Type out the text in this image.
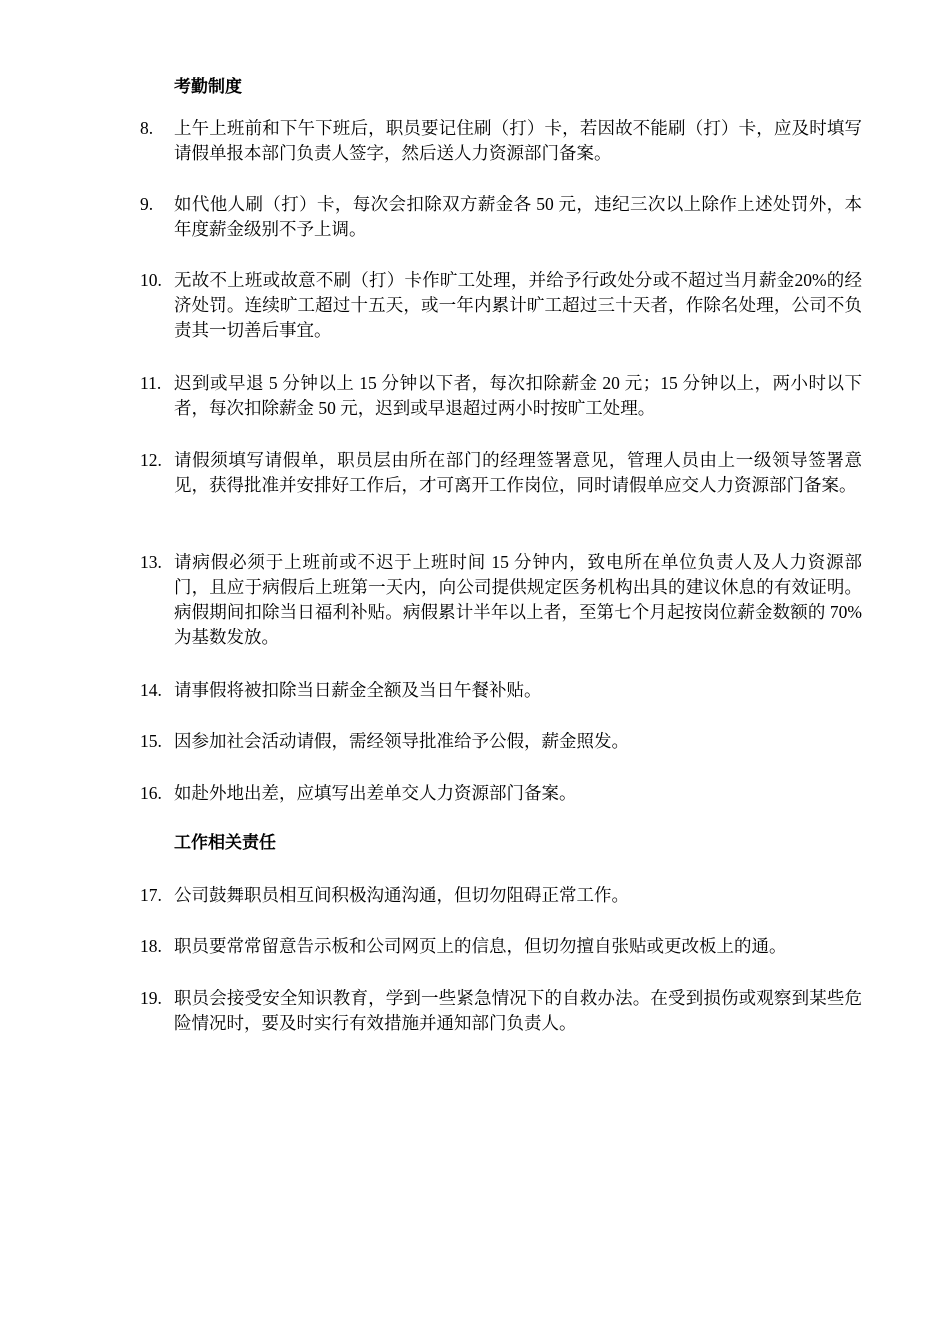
考勤制度
8.	上午上班前和下午下班后，职员要记住刷（打）卡，若因故不能刷（打）卡，应及时填写请假单报本部门负责人签字，然后送人力资源部门备案。
9.	如代他人刷（打）卡，每次会扣除双方薪金各 50 元，违纪三次以上除作上述处罚外，本年度薪金级别不予上调。
10. 无故不上班或故意不刷（打）卡作旷工处理，并给予行政处分或不超过当月薪金20%的经济处罚。连续旷工超过十五天，或一年内累计旷工超过三十天者，作除名处理，公司不负责其一切善后事宜。
11. 迟到或早退 5 分钟以上 15 分钟以下者，每次扣除薪金 20 元；15 分钟以上，两小时以下者，每次扣除薪金 50 元，迟到或早退超过两小时按旷工处理。
12. 请假须填写请假单，职员层由所在部门的经理签署意见，管理人员由上一级领导签署意见，获得批准并安排好工作后，才可离开工作岗位，同时请假单应交人力资源部门备案。
13. 请病假必须于上班前或不迟于上班时间 15 分钟内，致电所在单位负责人及人力资源部门，且应于病假后上班第一天内，向公司提供规定医务机构出具的建议休息的有效证明。病假期间扣除当日福利补贴。病假累计半年以上者，至第七个月起按岗位薪金数额的 70%为基数发放。
14. 请事假将被扣除当日薪金全额及当日午餐补贴。
15. 因参加社会活动请假，需经领导批准给予公假，薪金照发。
16. 如赴外地出差，应填写出差单交人力资源部门备案。
工作相关责任
17. 公司鼓舞职员相互间积极沟通沟通，但切勿阻碍正常工作。
18. 职员要常常留意告示板和公司网页上的信息，但切勿擅自张贴或更改板上的通。
19. 职员会接受安全知识教育，学到一些紧急情况下的自救办法。在受到损伤或观察到某些危险情况时，要及时实行有效措施并通知部门负责人。
